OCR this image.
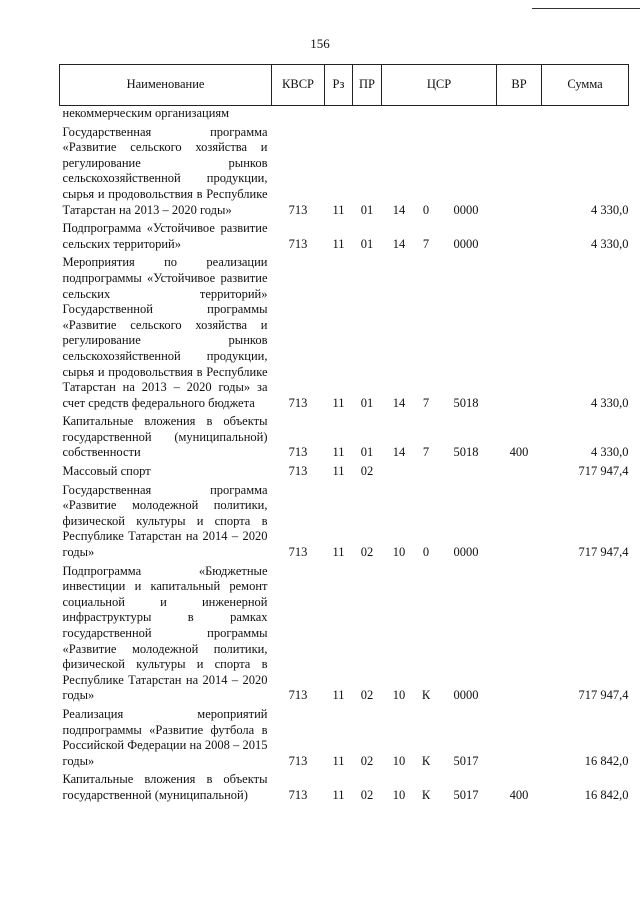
156
Наименование	КВСР	Рз	ПР	ЦСР			ВР	Сумма
некоммерческим организациям								
Государственная программа «Развитие сельского хозяйства и регулирование рынков сельскохозяйственной продукции, сырья и продовольствия в Республике Татарстан на 2013 – 2020 годы»	713	11	01	14	0	0000		4 330,0
Подпрограмма «Устойчивое развитие сельских территорий»	713	11	01	14	7	0000		4 330,0
Мероприятия по реализации подпрограммы «Устойчивое развитие сельских территорий» Государственной программы «Развитие сельского хозяйства и регулирование рынков сельскохозяйственной продукции, сырья и продовольствия в Республике Татарстан на 2013 – 2020 годы» за счет средств федерального бюджета	713	11	01	14	7	5018		4 330,0
Капитальные вложения в объекты государственной (муниципальной) собственности	713	11	01	14	7	5018	400	4 330,0
Массовый спорт	713	11	02					717 947,4
Государственная программа «Развитие молодежной политики, физической культуры и спорта в Республике Татарстан на 2014 – 2020 годы»	713	11	02	10	0	0000		717 947,4
Подпрограмма «Бюджетные инвестиции и капитальный ремонт социальной и инженерной инфраструктуры в рамках государственной программы «Развитие молодежной политики, физической культуры и спорта в Республике Татарстан на 2014 – 2020 годы»	713	11	02	10	К	0000		717 947,4
Реализация мероприятий подпрограммы «Развитие футбола в Российской Федерации на 2008 – 2015 годы»	713	11	02	10	К	5017		16 842,0
Капитальные вложения в объекты государственной (муниципальной)	713	11	02	10	К	5017	400	16 842,0
